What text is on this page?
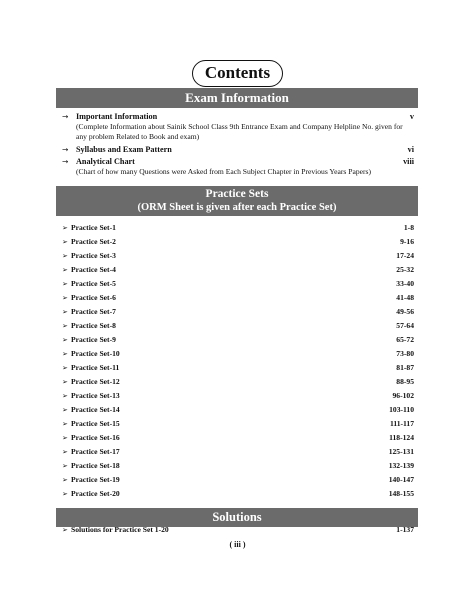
Contents
Exam Information
→ Important Information	v
(Complete Information about Sainik School Class 9th Entrance Exam and Company Helpline No. given for any problem Related to Book and exam)
→ Syllabus and Exam Pattern	vi
→ Analytical Chart	viii
(Chart of how many Questions were Asked from Each Subject Chapter in Previous Years Papers)
Practice Sets
(ORM Sheet is given after each Practice Set)
➢ Practice Set-1	1-8
➢ Practice Set-2	9-16
➢ Practice Set-3	17-24
➢ Practice Set-4	25-32
➢ Practice Set-5	33-40
➢ Practice Set-6	41-48
➢ Practice Set-7	49-56
➢ Practice Set-8	57-64
➢ Practice Set-9	65-72
➢ Practice Set-10	73-80
➢ Practice Set-11	81-87
➢ Practice Set-12	88-95
➢ Practice Set-13	96-102
➢ Practice Set-14	103-110
➢ Practice Set-15	111-117
➢ Practice Set-16	118-124
➢ Practice Set-17	125-131
➢ Practice Set-18	132-139
➢ Practice Set-19	140-147
➢ Practice Set-20	148-155
Solutions
➢ Solutions for Practice Set 1-20	1-137
( iii )
